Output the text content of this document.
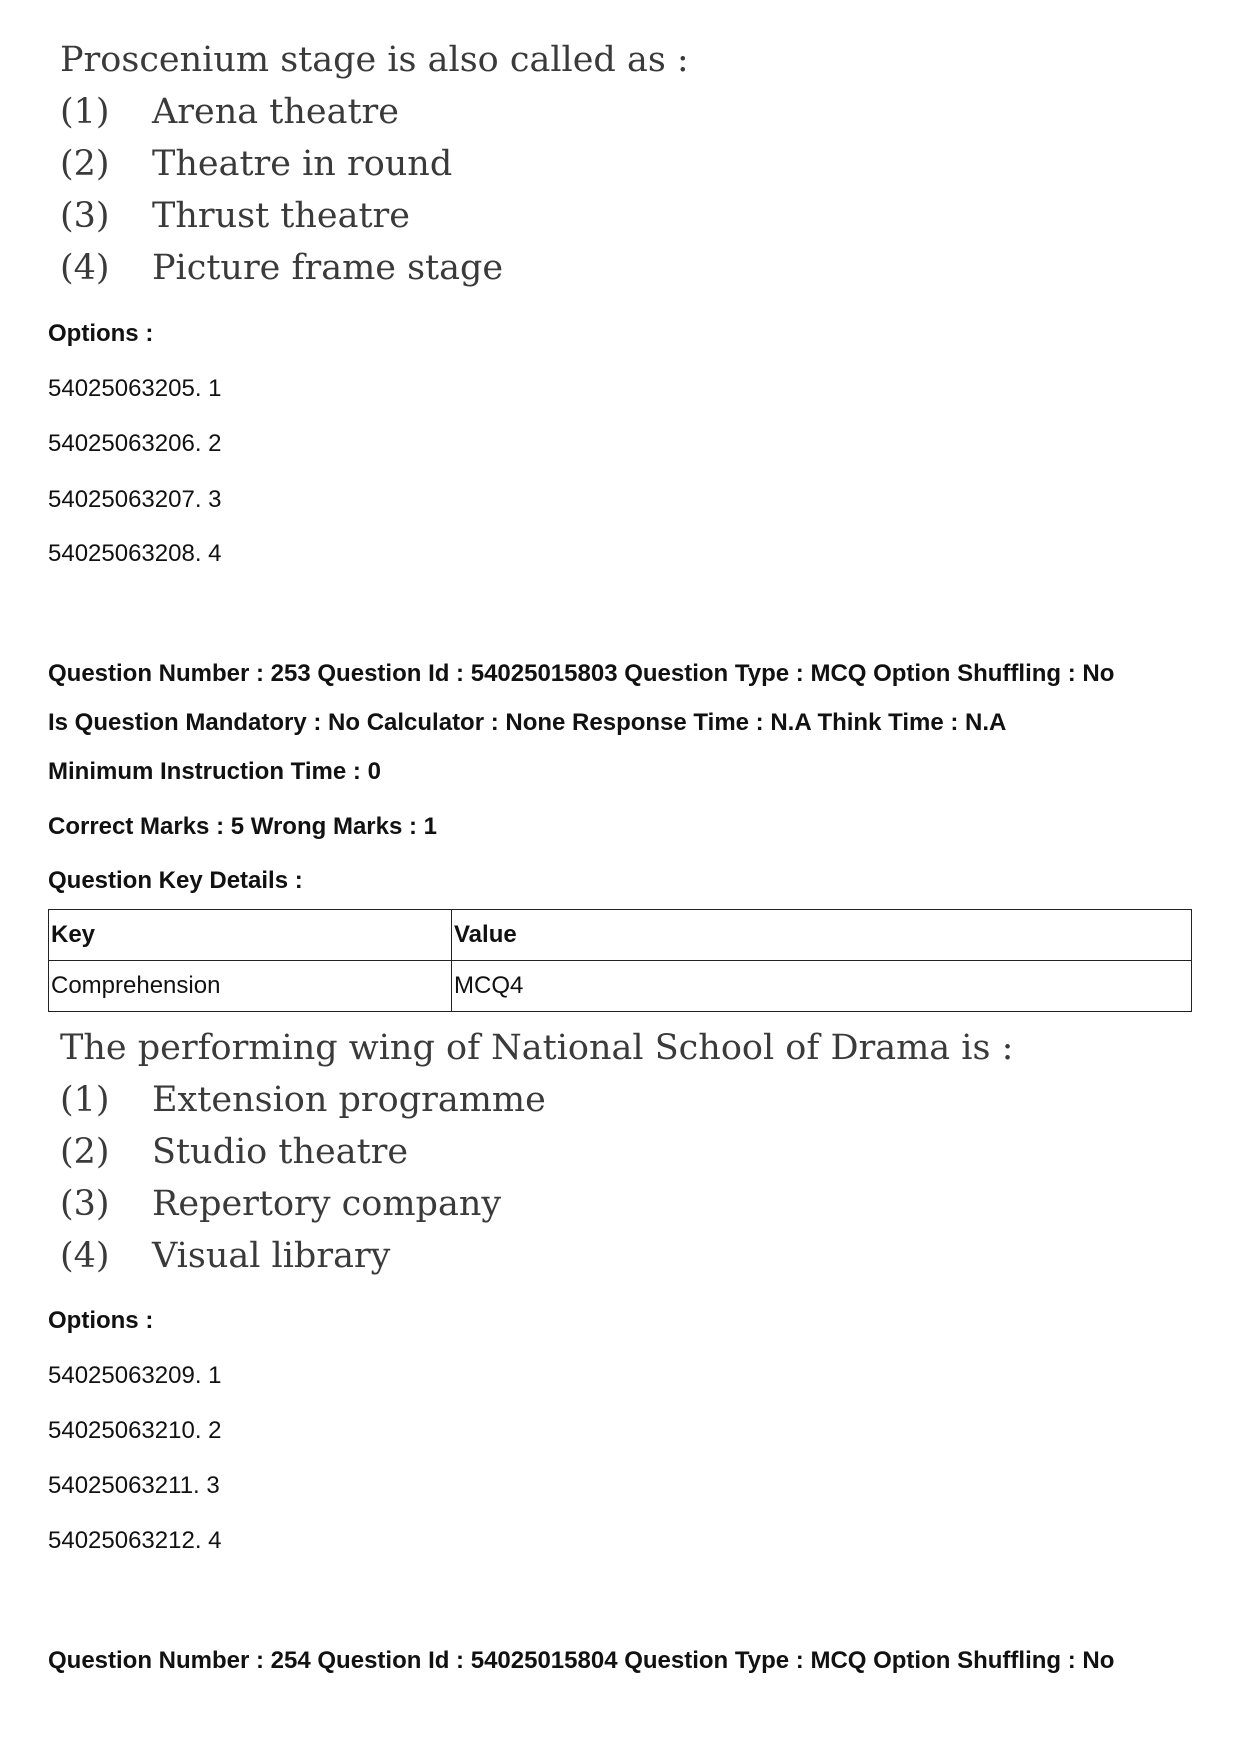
Proscenium stage is also called as :
(1)	Arena theatre
(2)	Theatre in round
(3)	Thrust theatre
(4)	Picture frame stage
Options :
54025063205. 1
54025063206. 2
54025063207. 3
54025063208. 4
Question Number : 253 Question Id : 54025015803 Question Type : MCQ Option Shuffling : No
Is Question Mandatory : No Calculator : None Response Time : N.A Think Time : N.A
Minimum Instruction Time : 0
Correct Marks : 5 Wrong Marks : 1
Question Key Details :
Key	Value
Comprehension	MCQ4
The performing wing of National School of Drama is :
(1)	Extension programme
(2)	Studio theatre
(3)	Repertory company
(4)	Visual library
Options :
54025063209. 1
54025063210. 2
54025063211. 3
54025063212. 4
Question Number : 254 Question Id : 54025015804 Question Type : MCQ Option Shuffling : No
